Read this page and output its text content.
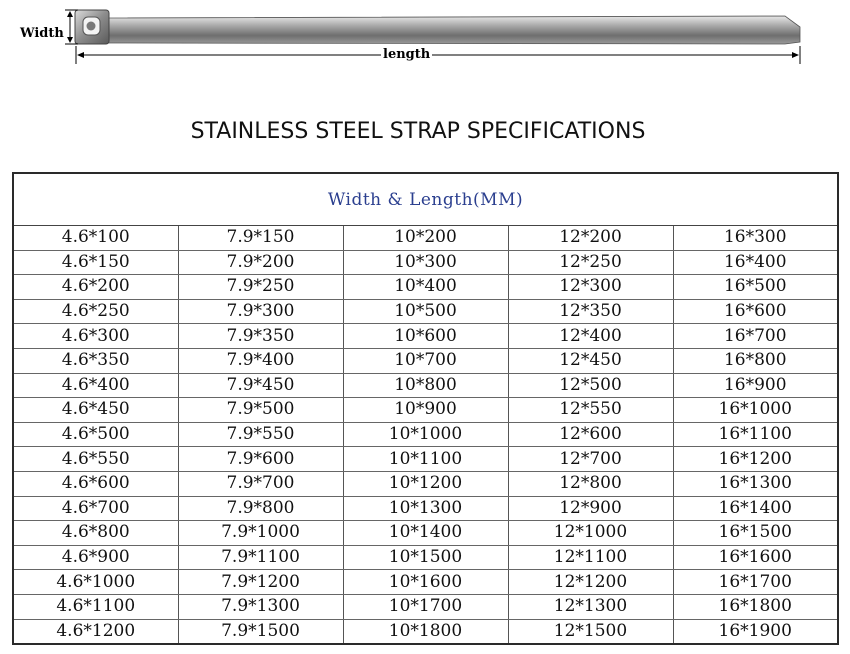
Width
length
STAINLESS STEEL STRAP SPECIFICATIONS
Width & Length(MM)				
4.6*100	7.9*150	10*200	12*200	16*300
4.6*150	7.9*200	10*300	12*250	16*400
4.6*200	7.9*250	10*400	12*300	16*500
4.6*250	7.9*300	10*500	12*350	16*600
4.6*300	7.9*350	10*600	12*400	16*700
4.6*350	7.9*400	10*700	12*450	16*800
4.6*400	7.9*450	10*800	12*500	16*900
4.6*450	7.9*500	10*900	12*550	16*1000
4.6*500	7.9*550	10*1000	12*600	16*1100
4.6*550	7.9*600	10*1100	12*700	16*1200
4.6*600	7.9*700	10*1200	12*800	16*1300
4.6*700	7.9*800	10*1300	12*900	16*1400
4.6*800	7.9*1000	10*1400	12*1000	16*1500
4.6*900	7.9*1100	10*1500	12*1100	16*1600
4.6*1000	7.9*1200	10*1600	12*1200	16*1700
4.6*1100	7.9*1300	10*1700	12*1300	16*1800
4.6*1200	7.9*1500	10*1800	12*1500	16*1900
